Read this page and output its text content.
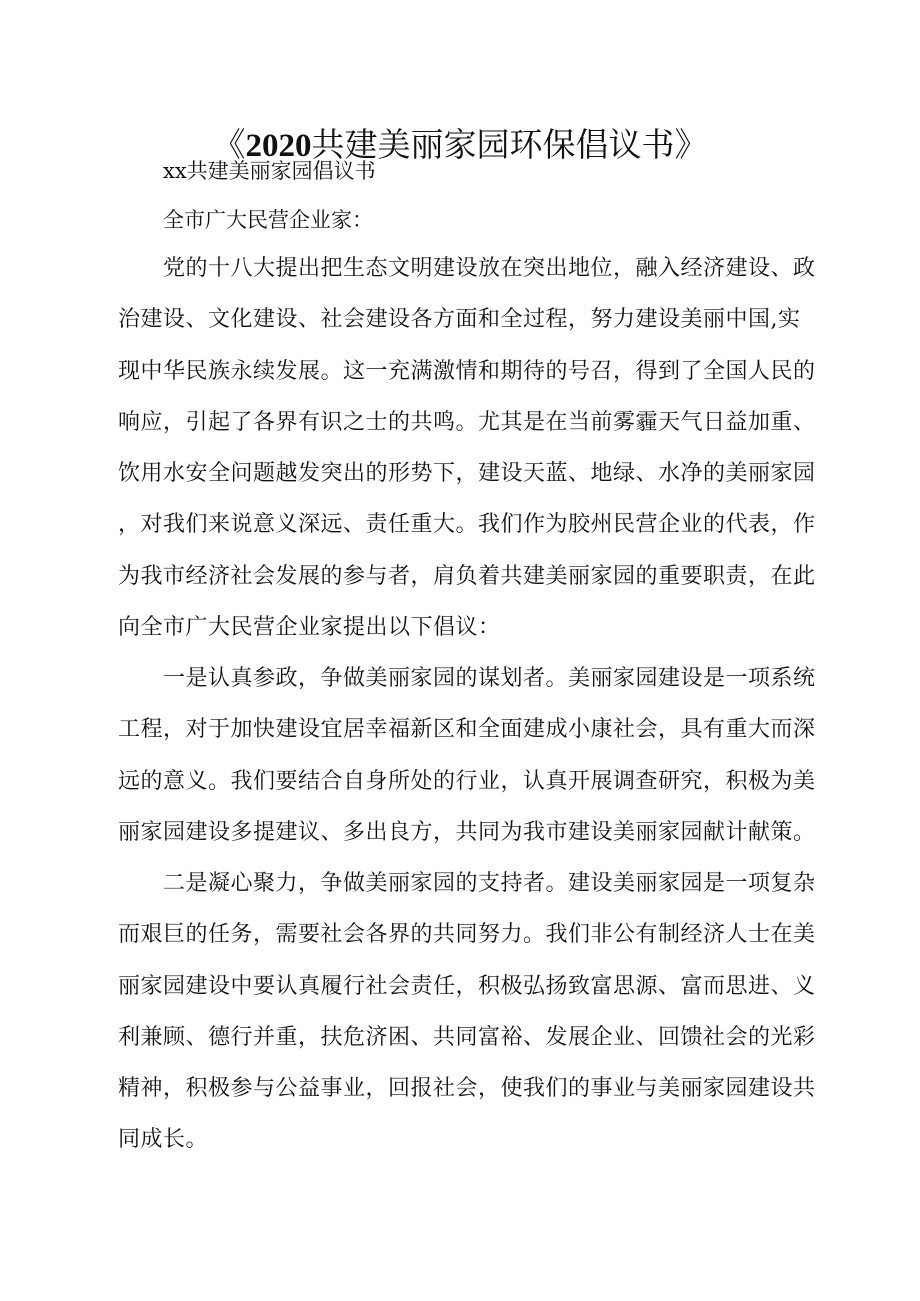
《2020共建美丽家园环保倡议书》
xx共建美丽家园倡议书
全市广大民营企业家：
党的十八大提出把生态文明建设放在突出地位，融入经济建设、政
治建设、文化建设、社会建设各方面和全过程，努力建设美丽中国,实
现中华民族永续发展。这一充满激情和期待的号召，得到了全国人民的
响应，引起了各界有识之士的共鸣。尤其是在当前雾霾天气日益加重、
饮用水安全问题越发突出的形势下，建设天蓝、地绿、水净的美丽家园
，对我们来说意义深远、责任重大。我们作为胶州民营企业的代表，作
为我市经济社会发展的参与者，肩负着共建美丽家园的重要职责，在此
向全市广大民营企业家提出以下倡议：
一是认真参政，争做美丽家园的谋划者。美丽家园建设是一项系统
工程，对于加快建设宜居幸福新区和全面建成小康社会，具有重大而深
远的意义。我们要结合自身所处的行业，认真开展调查研究，积极为美
丽家园建设多提建议、多出良方，共同为我市建设美丽家园献计献策。
二是凝心聚力，争做美丽家园的支持者。建设美丽家园是一项复杂
而艰巨的任务，需要社会各界的共同努力。我们非公有制经济人士在美
丽家园建设中要认真履行社会责任，积极弘扬致富思源、富而思进、义
利兼顾、德行并重，扶危济困、共同富裕、发展企业、回馈社会的光彩
精神，积极参与公益事业，回报社会，使我们的事业与美丽家园建设共
同成长。
